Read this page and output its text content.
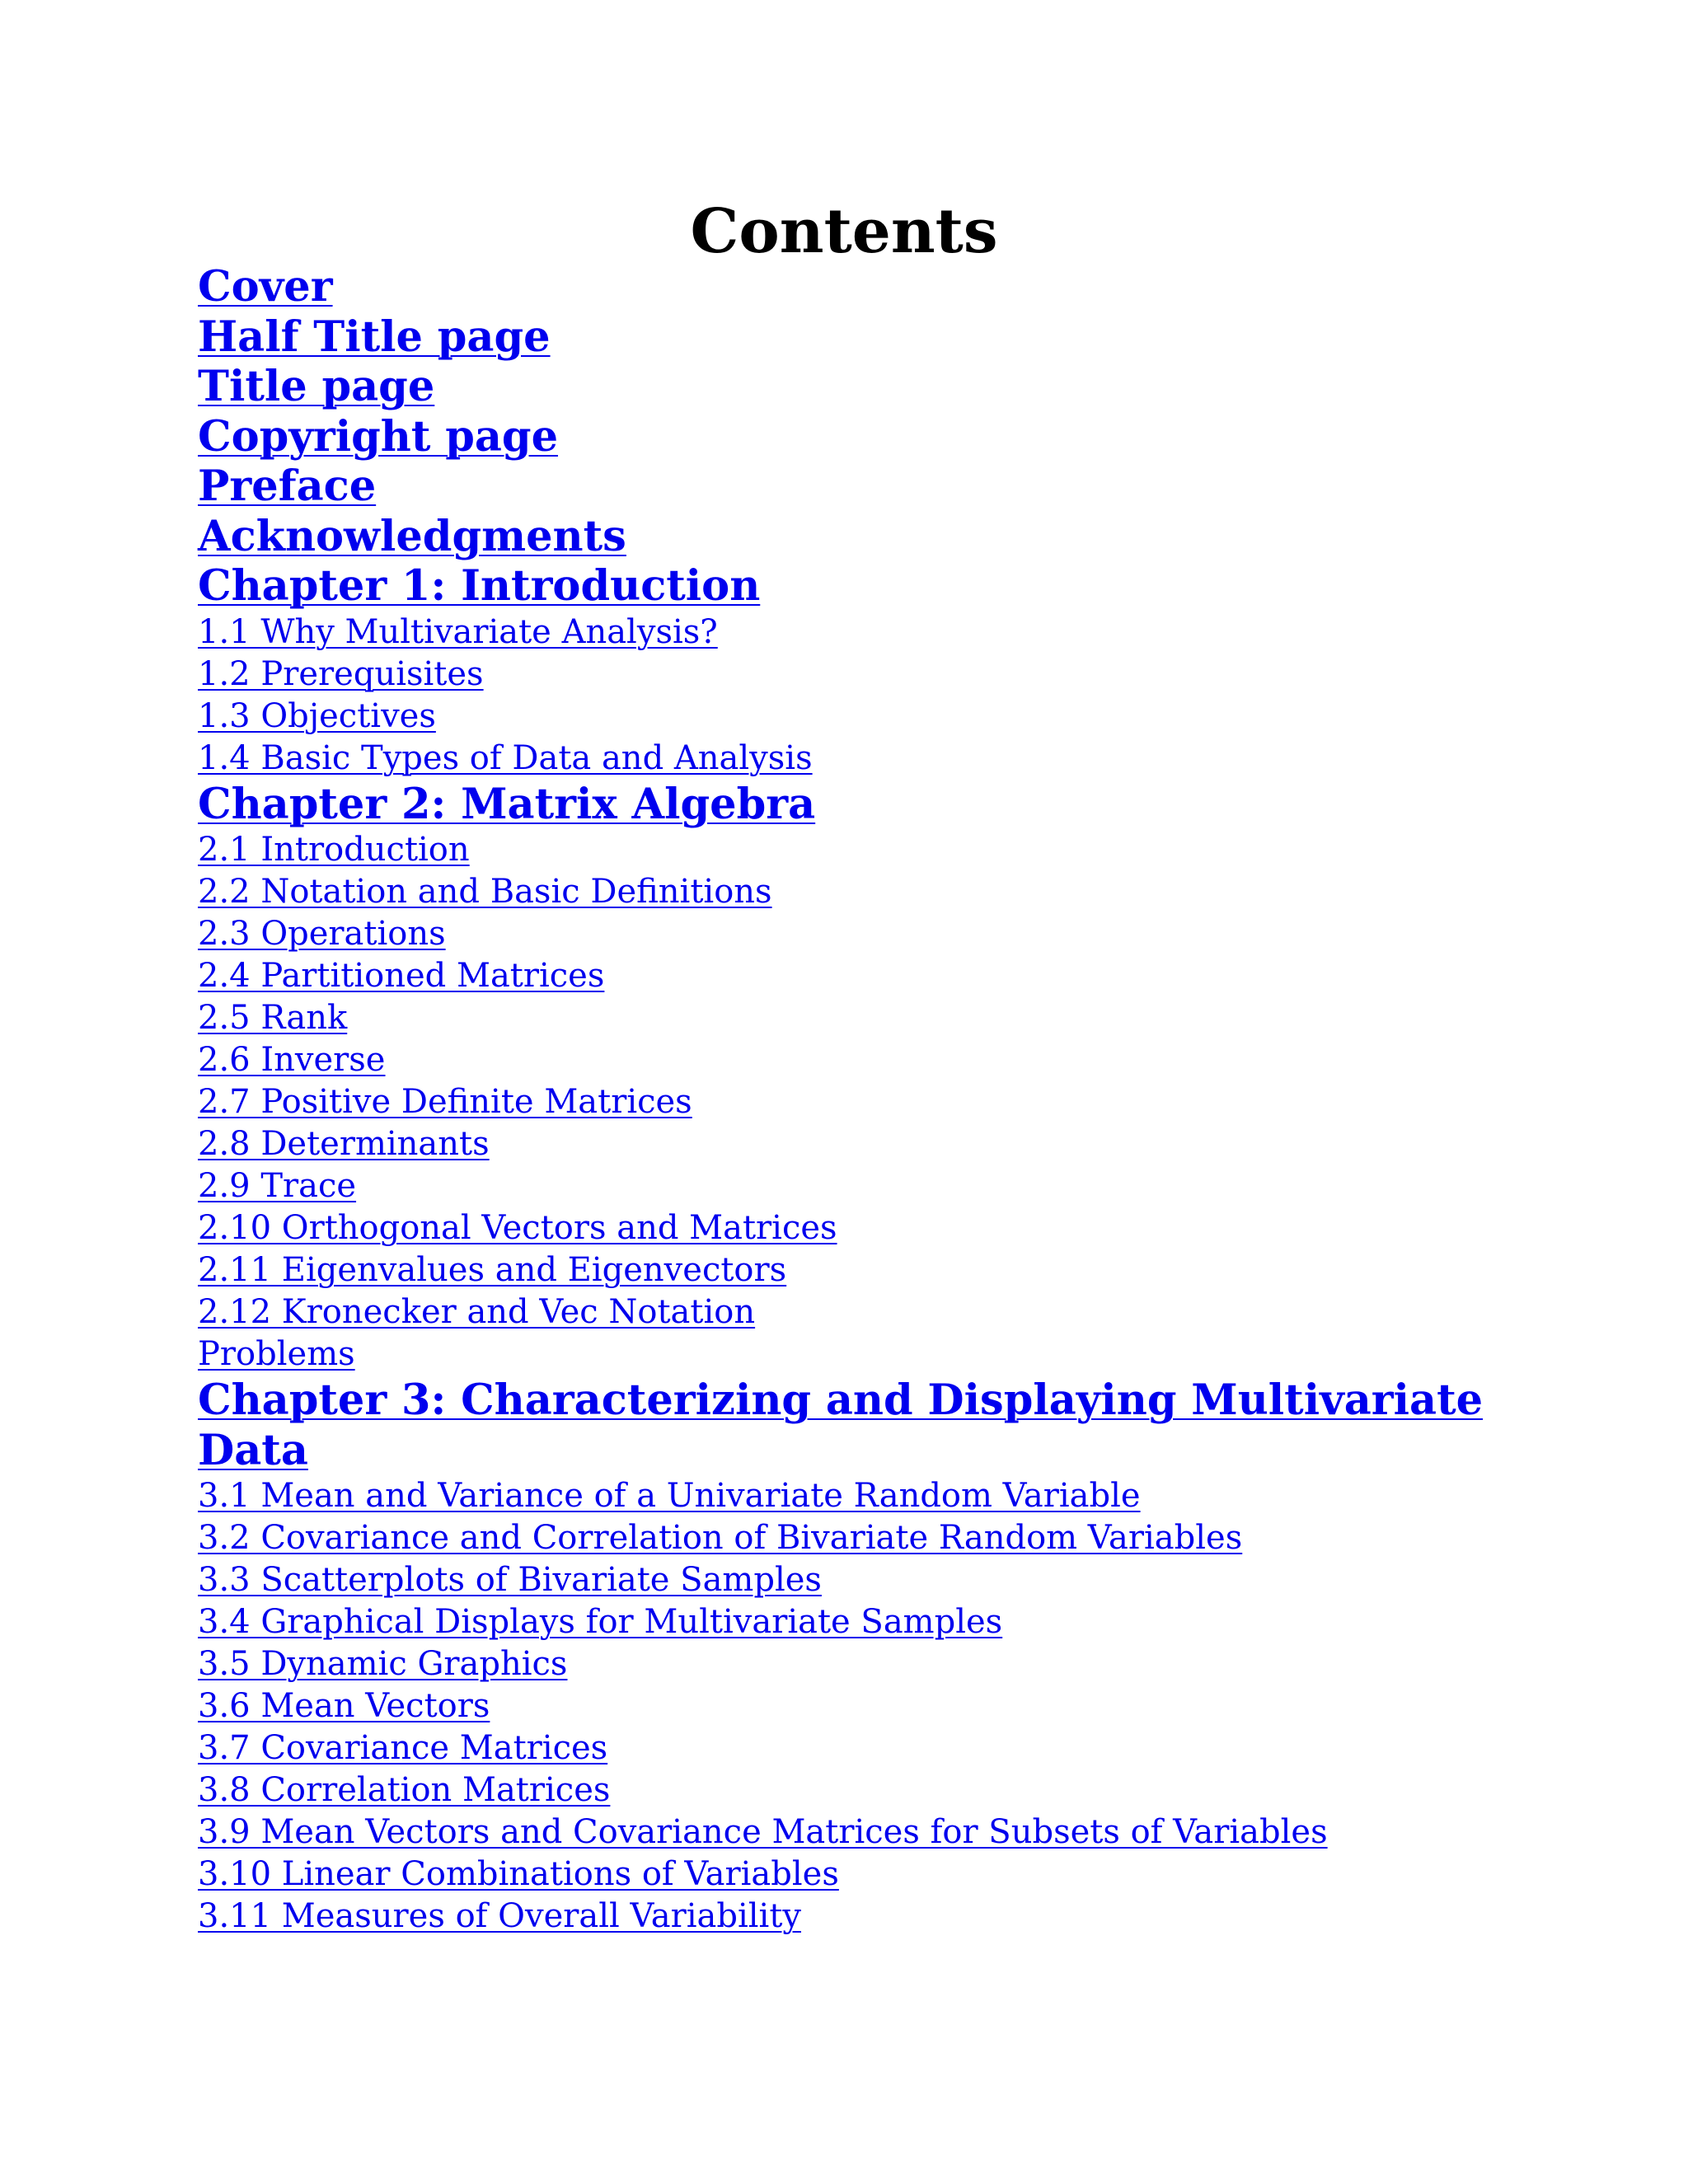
Contents
Cover
Half Title page
Title page
Copyright page
Preface
Acknowledgments
Chapter 1: Introduction
1.1 Why Multivariate Analysis?
1.2 Prerequisites
1.3 Objectives
1.4 Basic Types of Data and Analysis
Chapter 2: Matrix Algebra
2.1 Introduction
2.2 Notation and Basic Definitions
2.3 Operations
2.4 Partitioned Matrices
2.5 Rank
2.6 Inverse
2.7 Positive Definite Matrices
2.8 Determinants
2.9 Trace
2.10 Orthogonal Vectors and Matrices
2.11 Eigenvalues and Eigenvectors
2.12 Kronecker and Vec Notation
Problems
Chapter 3: Characterizing and Displaying Multivariate Data
3.1 Mean and Variance of a Univariate Random Variable
3.2 Covariance and Correlation of Bivariate Random Variables
3.3 Scatterplots of Bivariate Samples
3.4 Graphical Displays for Multivariate Samples
3.5 Dynamic Graphics
3.6 Mean Vectors
3.7 Covariance Matrices
3.8 Correlation Matrices
3.9 Mean Vectors and Covariance Matrices for Subsets of Variables
3.10 Linear Combinations of Variables
3.11 Measures of Overall Variability
